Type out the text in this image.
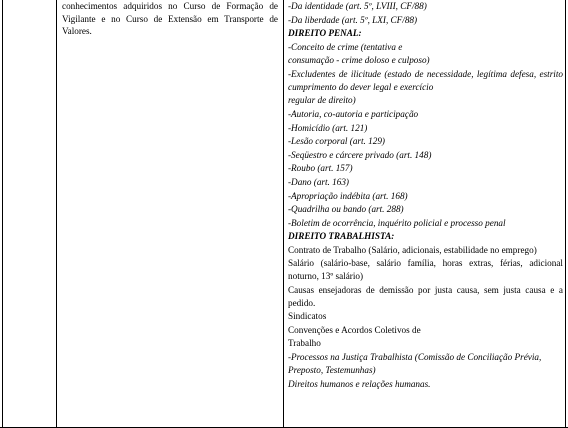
conhecimentos adquiridos no Curso de Formação de Vigilante e no Curso de Extensão em Transporte de Valores.
-Da identidade (art. 5º, LVIII, CF/88)
-Da liberdade (art. 5º, LXI, CF/88)
DIREITO PENAL:
-Conceito de crime (tentativa e
consumação - crime doloso e culposo)
-Excludentes de ilicitude (estado de necessidade, legítima defesa, estrito cumprimento do dever legal e exercício
regular de direito)
-Autoria, co-autoria e participação
-Homicídio (art. 121)
-Lesão corporal (art. 129)
-Seqüestro e cárcere privado (art. 148)
-Roubo (art. 157)
-Dano (art. 163)
-Apropriação indébita (art. 168)
-Quadrilha ou bando (art. 288)
-Boletim de ocorrência, inquérito policial e processo penal
DIREITO TRABALHISTA:
Contrato de Trabalho (Salário, adicionais, estabilidade no emprego)
Salário (salário-base, salário família, horas extras, férias, adicional noturno, 13º salário)
Causas ensejadoras de demissão por justa causa, sem justa causa e a pedido.
Sindicatos
Convenções e Acordos Coletivos de
Trabalho
-Processos na Justiça Trabalhista (Comissão de Conciliação Prévia,
Preposto, Testemunhas)
Direitos humanos e relações humanas.
